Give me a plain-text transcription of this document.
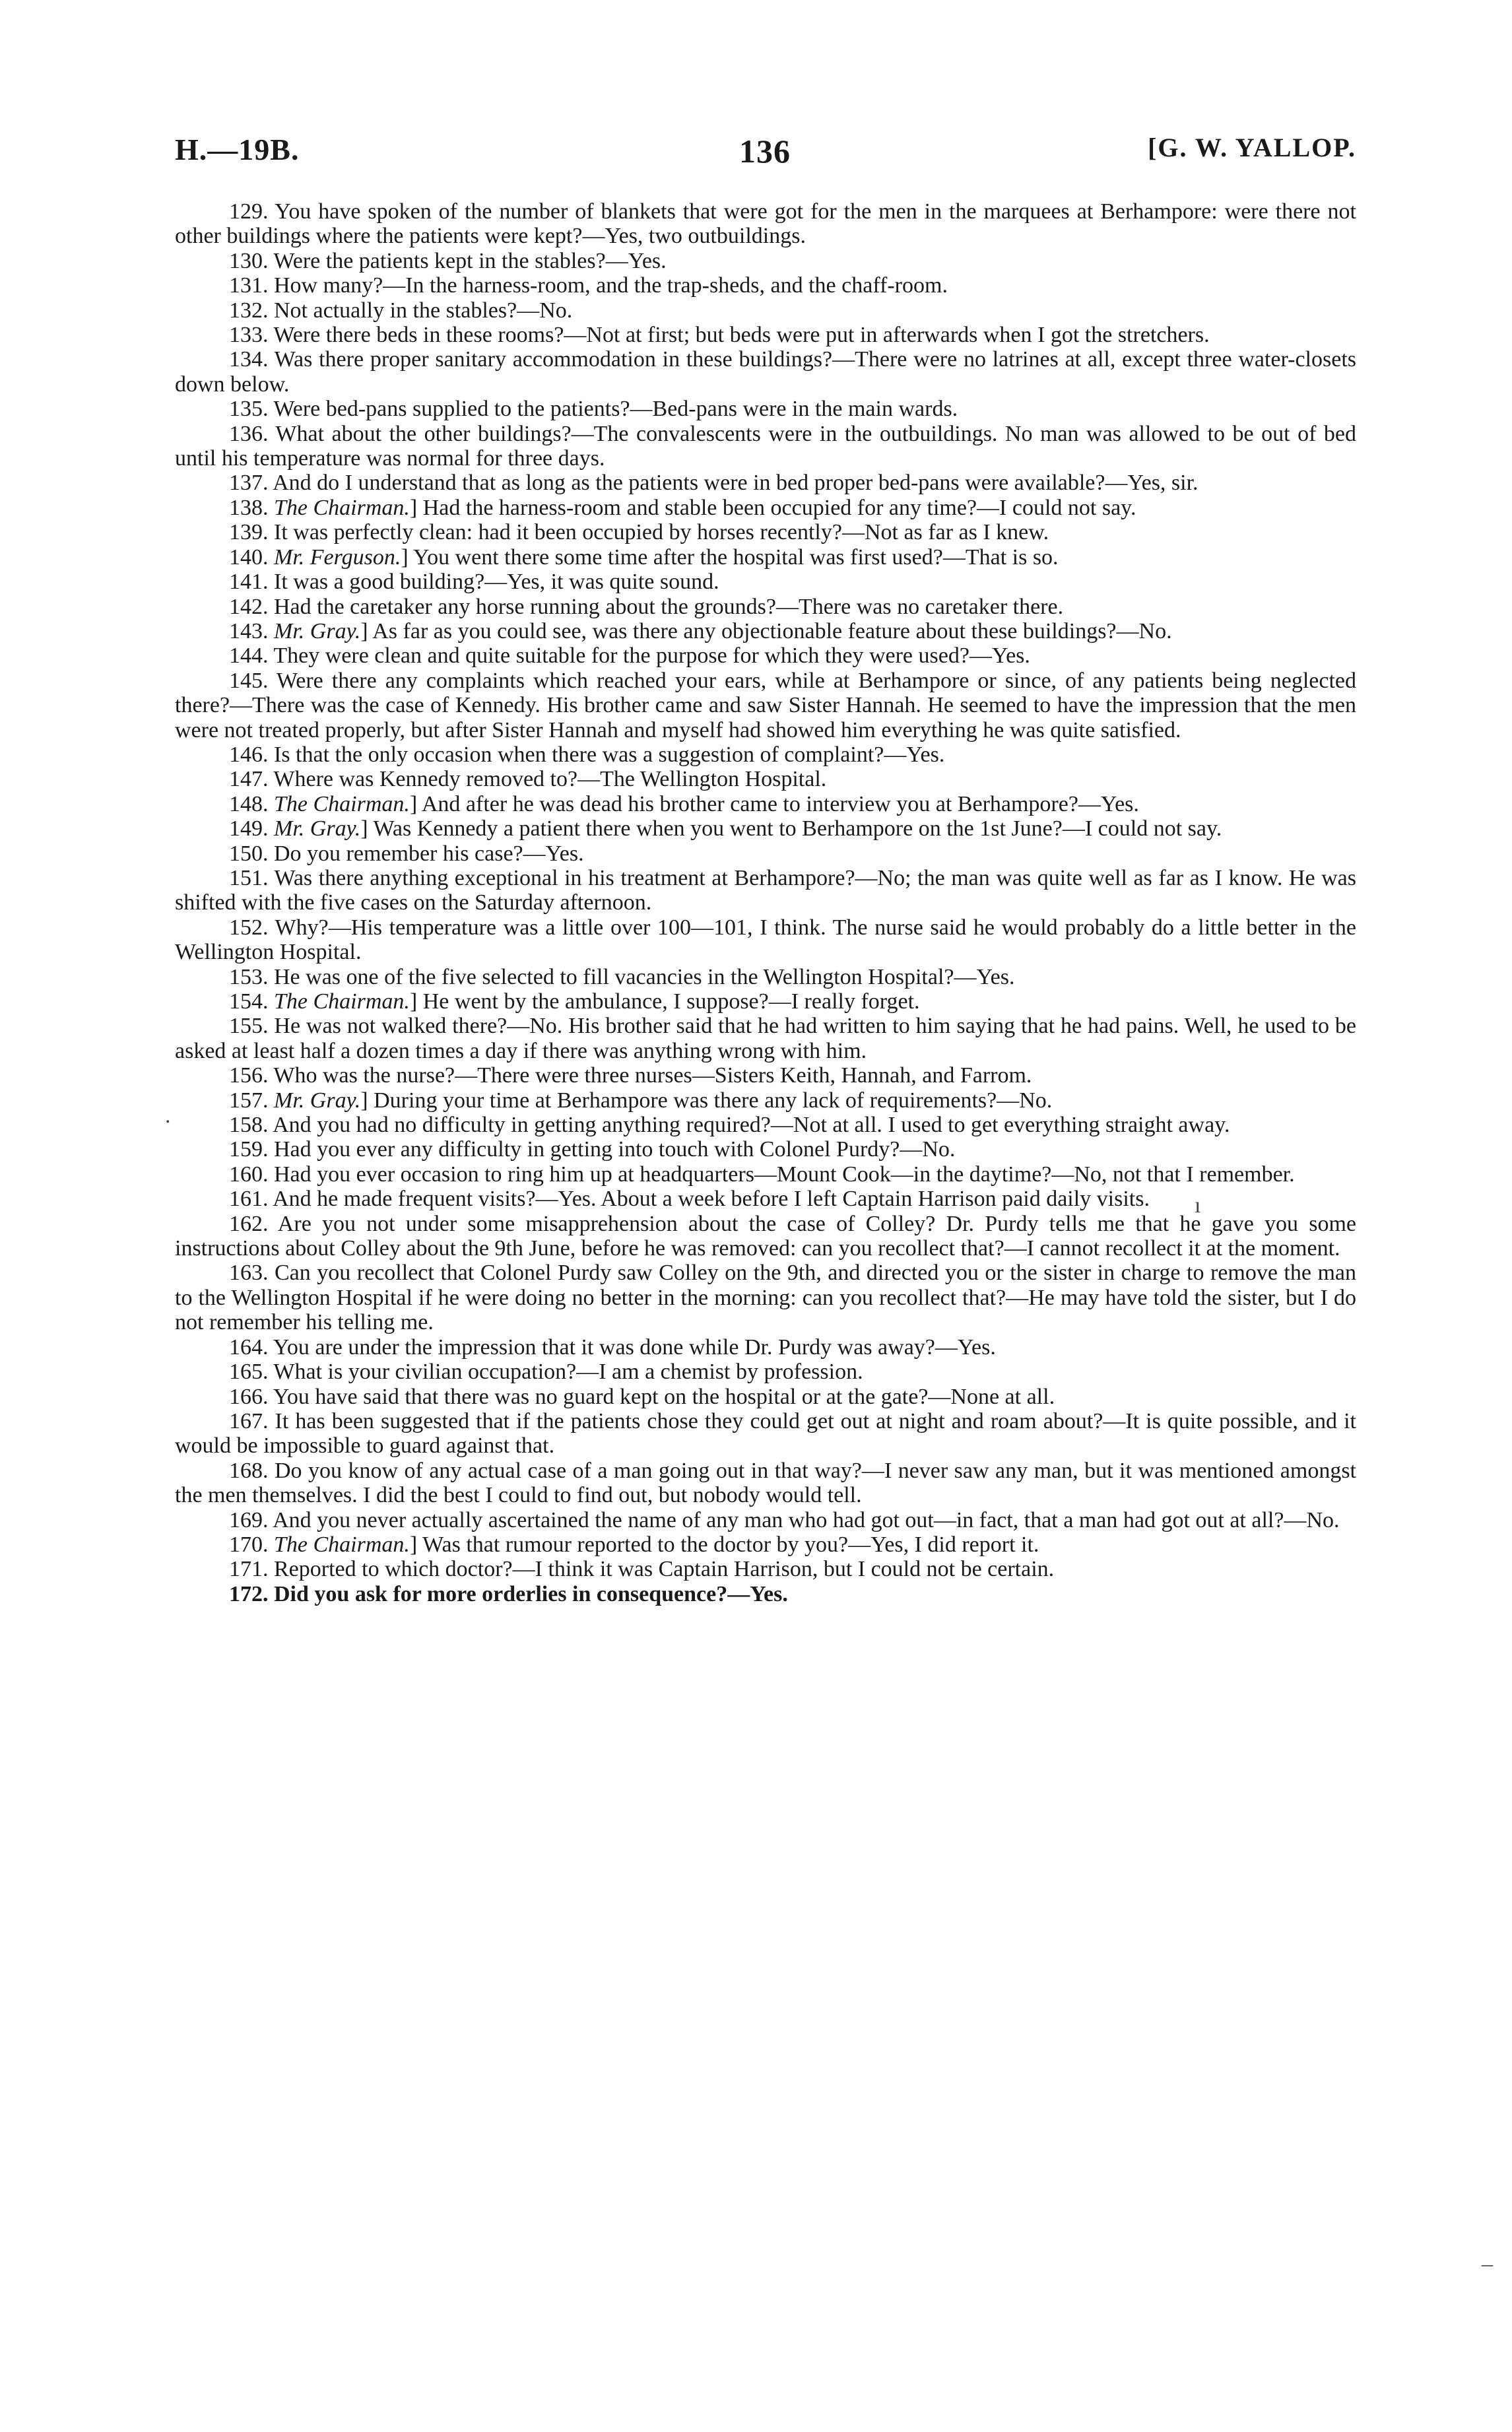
H.—19B.	136	[G. W. YALLOP.

129. You have spoken of the number of blankets that were got for the men in the marquees at Berhampore: were there not other buildings where the patients were kept?—Yes, two outbuildings.

130. Were the patients kept in the stables?—Yes.

131. How many?—In the harness-room, and the trap-sheds, and the chaff-room.

132. Not actually in the stables?—No.

133. Were there beds in these rooms?—Not at first; but beds were put in afterwards when I got the stretchers.

134. Was there proper sanitary accommodation in these buildings?—There were no latrines at all, except three water-closets down below.

135. Were bed-pans supplied to the patients?—Bed-pans were in the main wards.

136. What about the other buildings?—The convalescents were in the outbuildings. No man was allowed to be out of bed until his temperature was normal for three days.

137. And do I understand that as long as the patients were in bed proper bed-pans were available?—Yes, sir.

138. The Chairman.] Had the harness-room and stable been occupied for any time?—I could not say.

139. It was perfectly clean: had it been occupied by horses recently?—Not as far as I knew.

140. Mr. Ferguson.] You went there some time after the hospital was first used?—That is so.

141. It was a good building?—Yes, it was quite sound.

142. Had the caretaker any horse running about the grounds?—There was no caretaker there.

143. Mr. Gray.] As far as you could see, was there any objectionable feature about these buildings?—No.

144. They were clean and quite suitable for the purpose for which they were used?—Yes.

145. Were there any complaints which reached your ears, while at Berhampore or since, of any patients being neglected there?—There was the case of Kennedy. His brother came and saw Sister Hannah. He seemed to have the impression that the men were not treated properly, but after Sister Hannah and myself had showed him everything he was quite satisfied.

146. Is that the only occasion when there was a suggestion of complaint?—Yes.

147. Where was Kennedy removed to?—The Wellington Hospital.

148. The Chairman.] And after he was dead his brother came to interview you at Berhampore?—Yes.

149. Mr. Gray.] Was Kennedy a patient there when you went to Berhampore on the 1st June?—I could not say.

150. Do you remember his case?—Yes.

151. Was there anything exceptional in his treatment at Berhampore?—No; the man was quite well as far as I know. He was shifted with the five cases on the Saturday afternoon.

152. Why?—His temperature was a little over 100—101, I think. The nurse said he would probably do a little better in the Wellington Hospital.

153. He was one of the five selected to fill vacancies in the Wellington Hospital?—Yes.

154. The Chairman.] He went by the ambulance, I suppose?—I really forget.

155. He was not walked there?—No. His brother said that he had written to him saying that he had pains. Well, he used to be asked at least half a dozen times a day if there was anything wrong with him.

156. Who was the nurse?—There were three nurses—Sisters Keith, Hannah, and Farrom.

157. Mr. Gray.] During your time at Berhampore was there any lack of requirements?—No.

158. And you had no difficulty in getting anything required?—Not at all. I used to get everything straight away.

159. Had you ever any difficulty in getting into touch with Colonel Purdy?—No.

160. Had you ever occasion to ring him up at headquarters—Mount Cook—in the daytime?—No, not that I remember.

161. And he made frequent visits?—Yes. About a week before I left Captain Harrison paid daily visits.

162. Are you not under some misapprehension about the case of Colley? Dr. Purdy tells me that he gave you some instructions about Colley about the 9th June, before he was removed: can you recollect that?—I cannot recollect it at the moment.

163. Can you recollect that Colonel Purdy saw Colley on the 9th, and directed you or the sister in charge to remove the man to the Wellington Hospital if he were doing no better in the morning: can you recollect that?—He may have told the sister, but I do not remember his telling me.

164. You are under the impression that it was done while Dr. Purdy was away?—Yes.

165. What is your civilian occupation?—I am a chemist by profession.

166. You have said that there was no guard kept on the hospital or at the gate?—None at all.

167. It has been suggested that if the patients chose they could get out at night and roam about?—It is quite possible, and it would be impossible to guard against that.

168. Do you know of any actual case of a man going out in that way?—I never saw any man, but it was mentioned amongst the men themselves. I did the best I could to find out, but nobody would tell.

169. And you never actually ascertained the name of any man who had got out—in fact, that a man had got out at all?—No.

170. The Chairman.] Was that rumour reported to the doctor by you?—Yes, I did report it.

171. Reported to which doctor?—I think it was Captain Harrison, but I could not be certain.

172. Did you ask for more orderlies in consequence?—Yes.

.
ı
–
